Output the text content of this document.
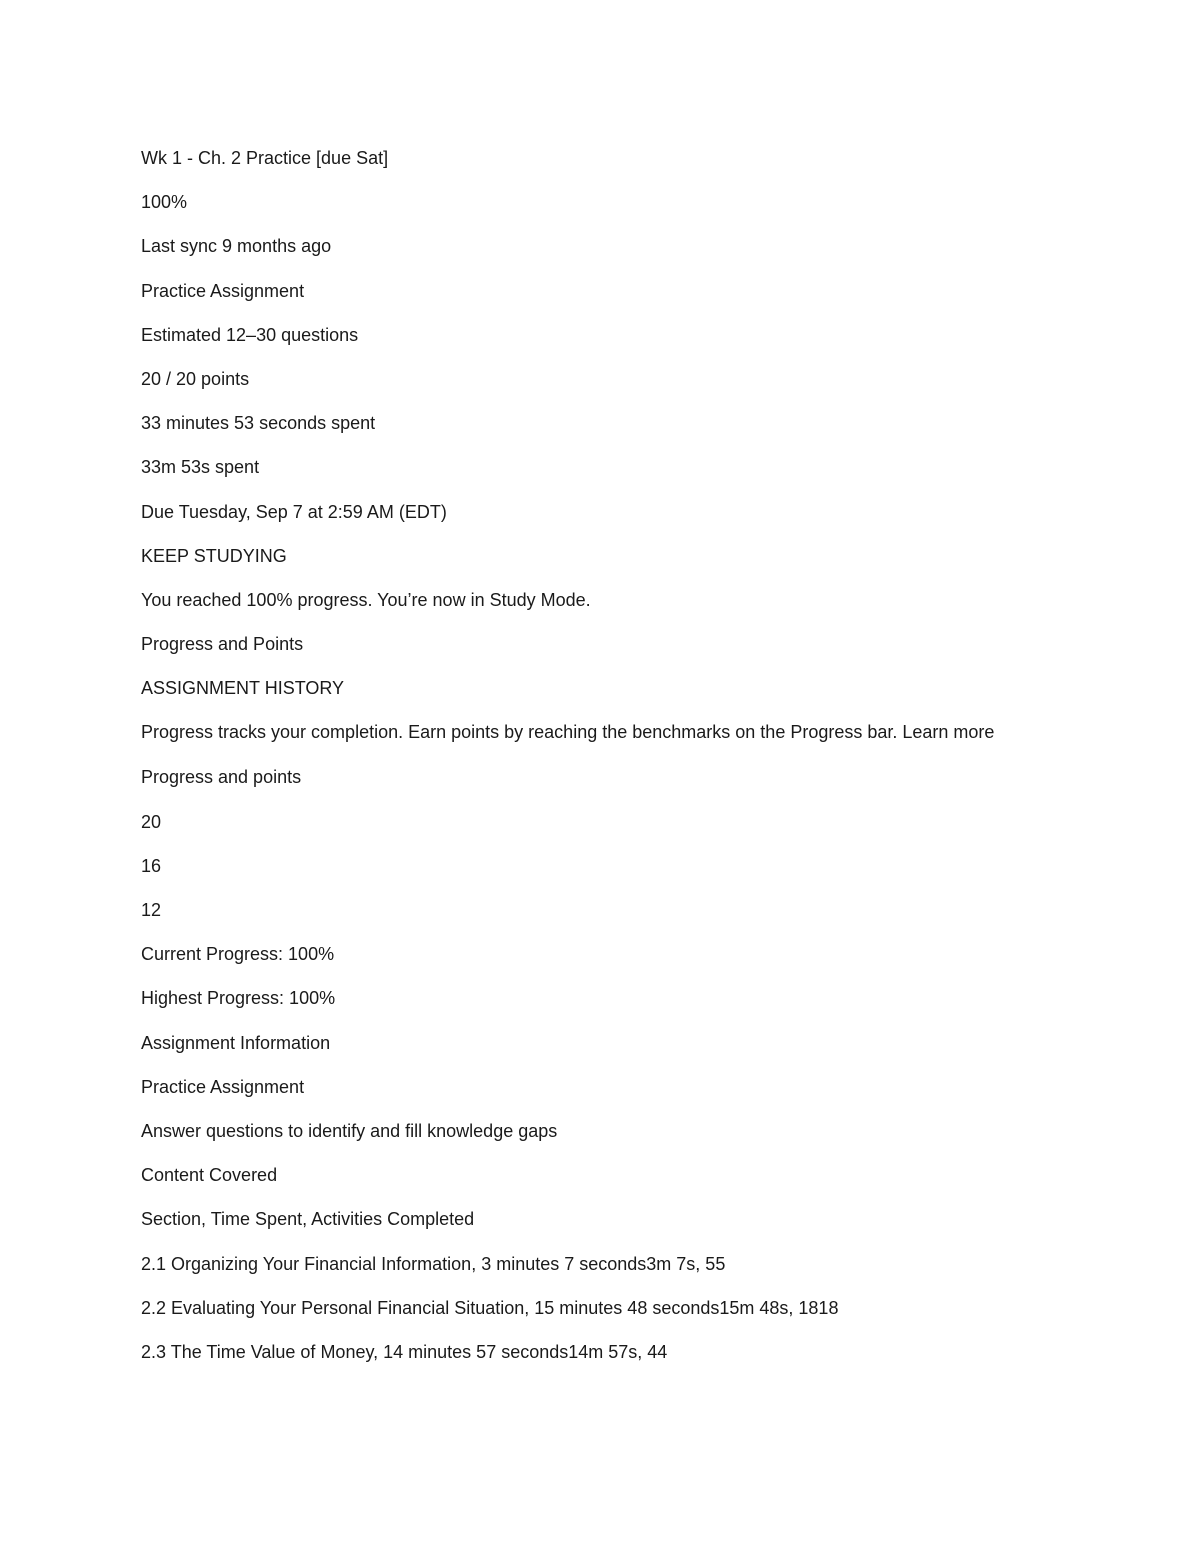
Wk 1 - Ch. 2 Practice [due Sat]
100%
Last sync 9 months ago
Practice Assignment
Estimated 12–30 questions
20 / 20 points
33 minutes 53 seconds spent
33m 53s spent
Due Tuesday, Sep 7 at 2:59 AM (EDT)
KEEP STUDYING
You reached 100% progress. You’re now in Study Mode.
Progress and Points
ASSIGNMENT HISTORY
Progress tracks your completion. Earn points by reaching the benchmarks on the Progress bar. Learn more
Progress and points
20
16
12
Current Progress: 100%
Highest Progress: 100%
Assignment Information
Practice Assignment
Answer questions to identify and fill knowledge gaps
Content Covered
Section, Time Spent, Activities Completed
2.1 Organizing Your Financial Information, 3 minutes 7 seconds3m 7s, 55
2.2 Evaluating Your Personal Financial Situation, 15 minutes 48 seconds15m 48s, 1818
2.3 The Time Value of Money, 14 minutes 57 seconds14m 57s, 44
